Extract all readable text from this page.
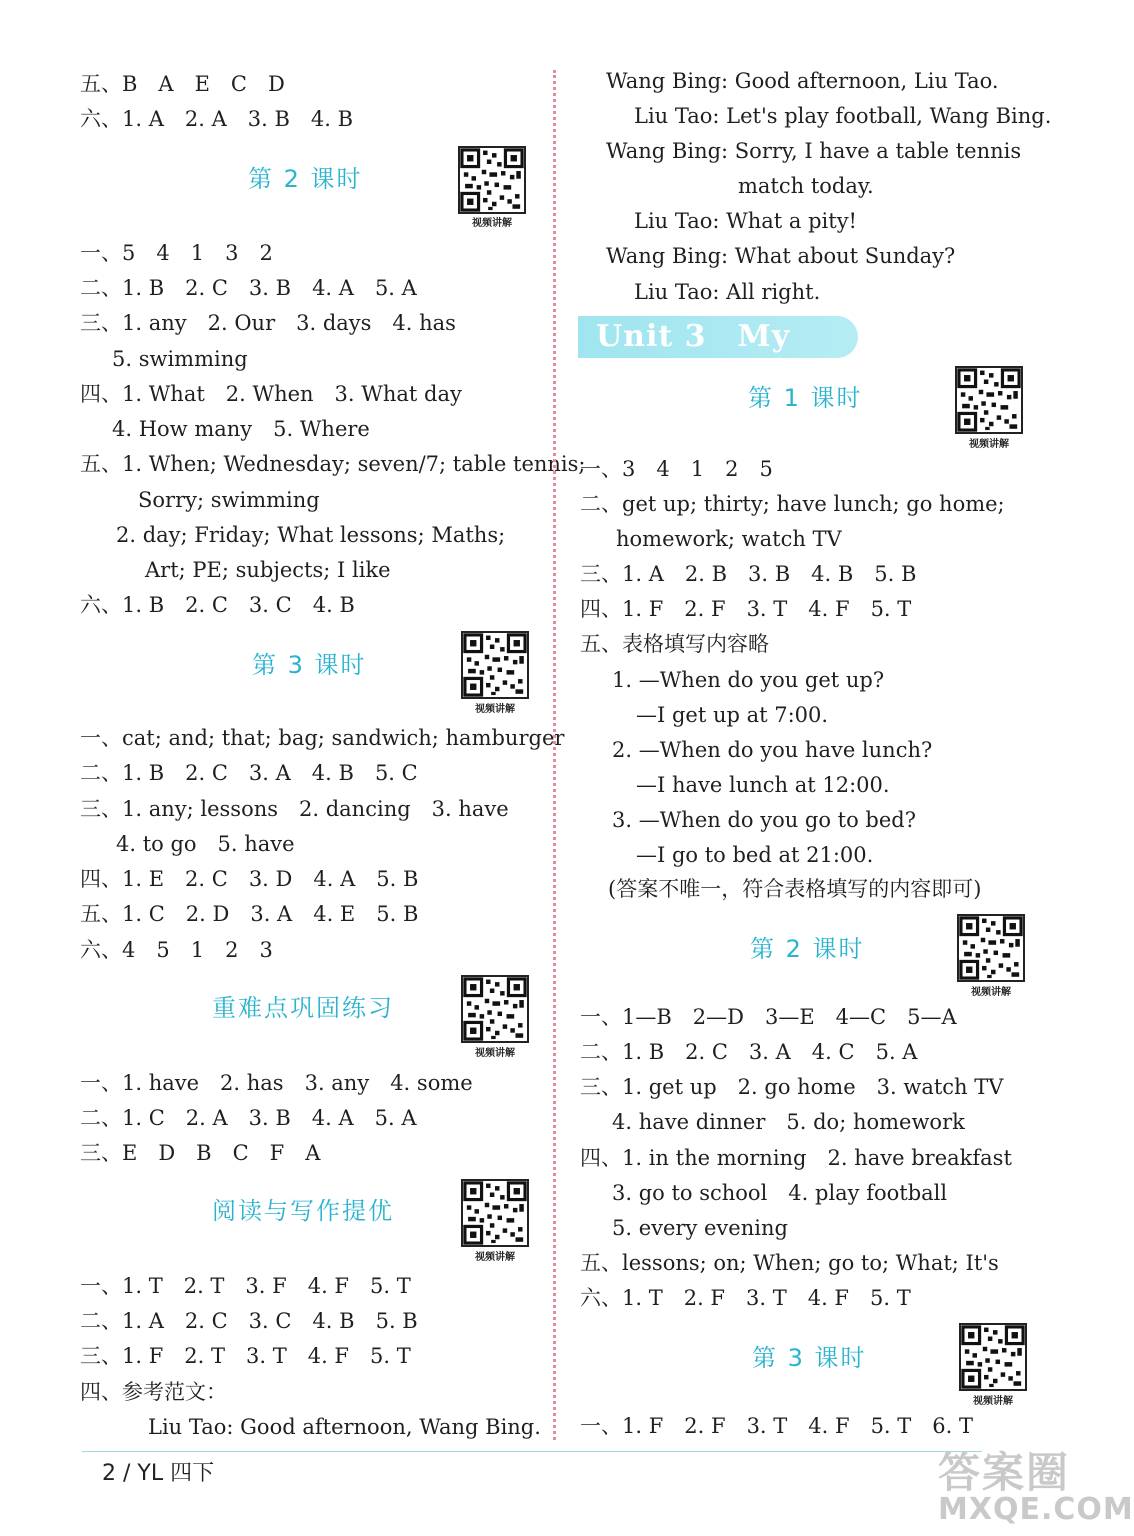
五、B　A　E　C　D
六、1. A　2. A　3. B　4. B
第 2 课时
视频讲解
一、5　4　1　3　2
二、1. B　2. C　3. B　4. A　5. A
三、1. any　2. Our　3. days　4. has
5. swimming
四、1. What　2. When　3. What day
4. How many　5. Where
五、1. When; Wednesday; seven/7; table tennis;
Sorry; swimming
2. day; Friday; What lessons; Maths;
Art; PE; subjects; I like
六、1. B　2. C　3. C　4. B
第 3 课时
视频讲解
一、cat; and; that; bag; sandwich; hamburger
二、1. B　2. C　3. A　4. B　5. C
三、1. any; lessons　2. dancing　3. have
4. to go　5. have
四、1. E　2. C　3. D　4. A　5. B
五、1. C　2. D　3. A　4. E　5. B
六、4　5　1　2　3
重难点巩固练习
视频讲解
一、1. have　2. has　3. any　4. some
二、1. C　2. A　3. B　4. A　5. A
三、E　D　B　C　F　A
阅读与写作提优
视频讲解
一、1. T　2. T　3. F　4. F　5. T
二、1. A　2. C　3. C　4. B　5. B
三、1. F　2. T　3. T　4. F　5. T
四、参考范文：
Liu Tao: Good afternoon, Wang Bing.
Wang Bing: Good afternoon, Liu Tao.
Liu Tao: Let's play football, Wang Bing.
Wang Bing: Sorry, I have a table tennis
match today.
Liu Tao: What a pity!
Wang Bing: What about Sunday?
Liu Tao: All right.
Unit 3　My day
第 1 课时
视频讲解
一、3　4　1　2　5
二、get up; thirty; have lunch; go home;
homework; watch TV
三、1. A　2. B　3. B　4. B　5. B
四、1. F　2. F　3. T　4. F　5. T
五、表格填写内容略
1. —When do you get up?
—I get up at 7:00.
2. —When do you have lunch?
—I have lunch at 12:00.
3. —When do you go to bed?
—I go to bed at 21:00.
(答案不唯一，符合表格填写的内容即可)
第 2 课时
视频讲解
一、1—B　2—D　3—E　4—C　5—A
二、1. B　2. C　3. A　4. C　5. A
三、1. get up　2. go home　3. watch TV
4. have dinner　5. do; homework
四、1. in the morning　2. have breakfast
3. go to school　4. play football
5. every evening
五、lessons; on; When; go to; What; It's
六、1. T　2. F　3. T　4. F　5. T
第 3 课时
视频讲解
一、1. F　2. F　3. T　4. F　5. T　6. T
2 / YL 四下	答案圈
MXQE.COM
